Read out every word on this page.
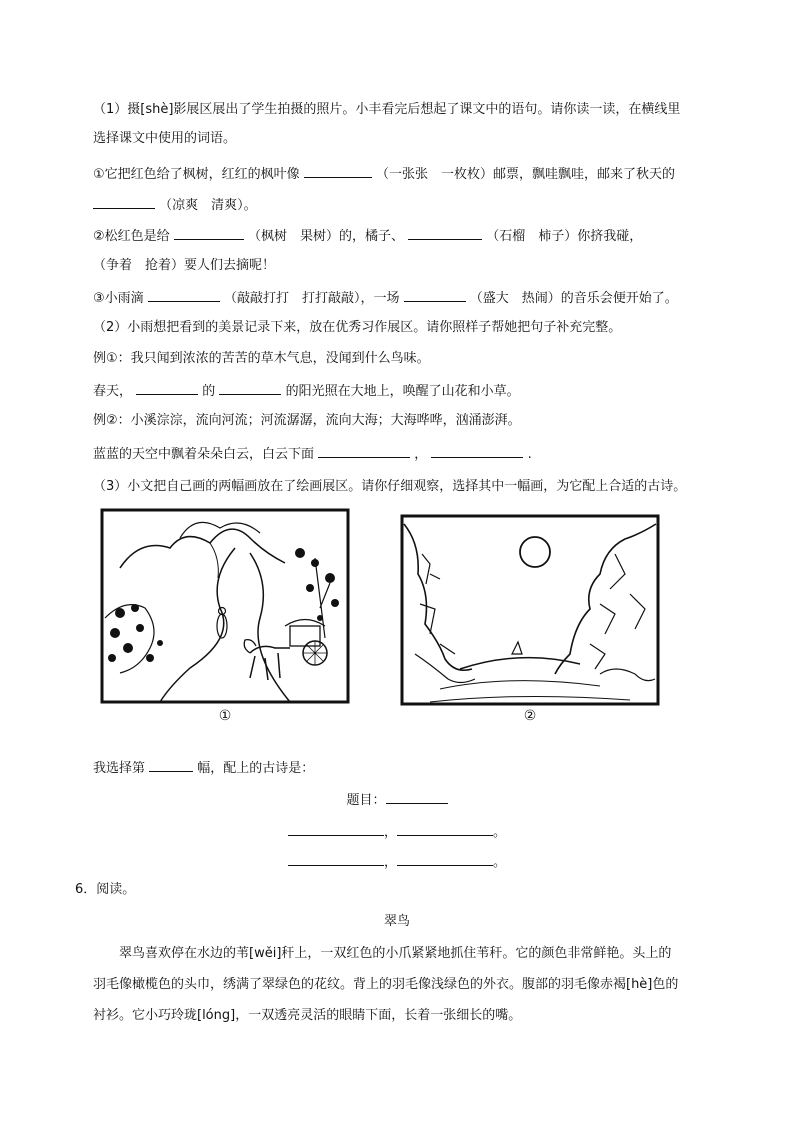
（1）摄[shè]影展区展出了学生拍摄的照片。小丰看完后想起了课文中的语句。请你读一读，在横线里
选择课文中使用的词语。
①它把红色给了枫树，红红的枫叶像	（一张张　一枚枚）邮票，飘哇飘哇，邮来了秋天的
（凉爽　清爽）。
②松红色是给	（枫树　果树）的，橘子、	（石榴　柿子）你挤我碰，
（争着　抢着）要人们去摘呢！
③小雨滴	（敲敲打打　打打敲敲），一场	（盛大　热闹）的音乐会便开始了。
（2）小雨想把看到的美景记录下来，放在优秀习作展区。请你照样子帮她把句子补充完整。
例①：我只闻到浓浓的苦苦的草木气息，没闻到什么鸟味。
春天，	的	的阳光照在大地上，唤醒了山花和小草。
例②：小溪淙淙，流向河流；河流潺潺，流向大海；大海哗哗，汹涌澎湃。
蓝蓝的天空中飘着朵朵白云，白云下面	，	.
（3）小文把自己画的两幅画放在了绘画展区。请你仔细观察，选择其中一幅画，为它配上合适的古诗。
①	②
我选择第	幅，配上的古诗是：
题目：
，	。
，	。
6．阅读。
翠鸟
翠鸟喜欢停在水边的苇[wěi]秆上，一双红色的小爪紧紧地抓住苇秆。它的颜色非常鲜艳。头上的
羽毛像橄榄色的头巾，绣满了翠绿色的花纹。背上的羽毛像浅绿色的外衣。腹部的羽毛像赤褐[hè]色的
衬衫。它小巧玲珑[lóng]，一双透亮灵活的眼睛下面，长着一张细长的嘴。
